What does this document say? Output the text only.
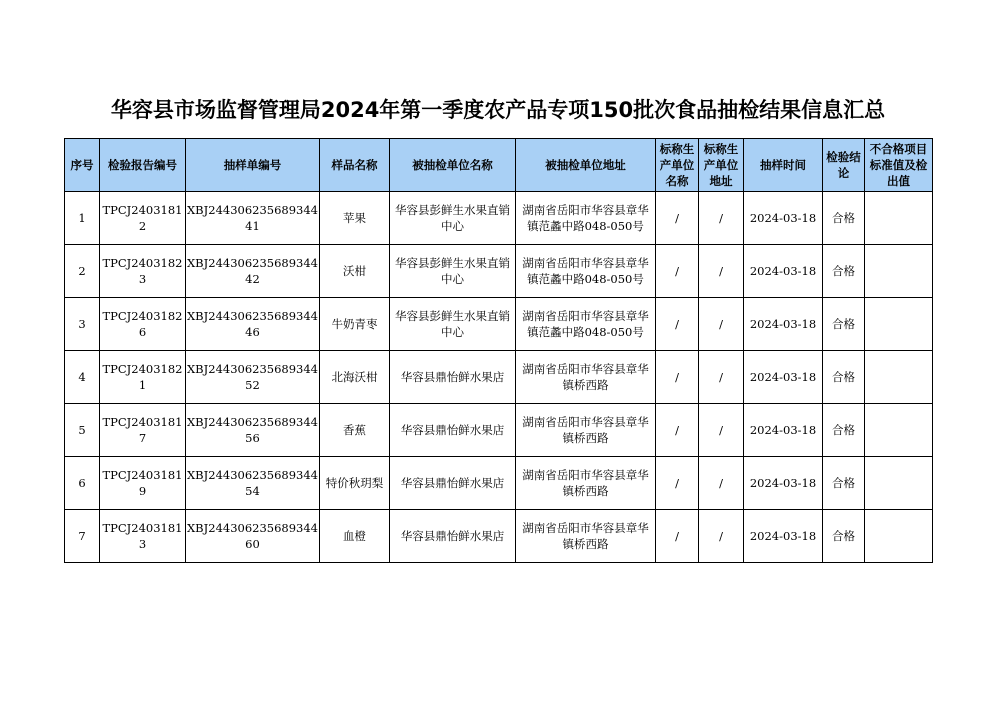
华容县市场监督管理局2024年第一季度农产品专项150批次食品抽检结果信息汇总
序号	检验报告编号	抽样单编号	样品名称	被抽检单位名称	被抽检单位地址	标称生产单位名称	标称生产单位地址	抽样时间	检验结论	不合格项目标准值及检出值
1	TPCJ24031812	XBJ24430623568934441	苹果	华容县彭鲜生水果直销中心	湖南省岳阳市华容县章华镇范蠡中路048-050号	/	/	2024-03-18	合格	
2	TPCJ24031823	XBJ24430623568934442	沃柑	华容县彭鲜生水果直销中心	湖南省岳阳市华容县章华镇范蠡中路048-050号	/	/	2024-03-18	合格	
3	TPCJ24031826	XBJ24430623568934446	牛奶青枣	华容县彭鲜生水果直销中心	湖南省岳阳市华容县章华镇范蠡中路048-050号	/	/	2024-03-18	合格	
4	TPCJ24031821	XBJ24430623568934452	北海沃柑	华容县鼎怡鲜水果店	湖南省岳阳市华容县章华镇桥西路	/	/	2024-03-18	合格	
5	TPCJ24031817	XBJ24430623568934456	香蕉	华容县鼎怡鲜水果店	湖南省岳阳市华容县章华镇桥西路	/	/	2024-03-18	合格	
6	TPCJ24031819	XBJ24430623568934454	特价秋玥梨	华容县鼎怡鲜水果店	湖南省岳阳市华容县章华镇桥西路	/	/	2024-03-18	合格	
7	TPCJ24031813	XBJ24430623568934460	血橙	华容县鼎怡鲜水果店	湖南省岳阳市华容县章华镇桥西路	/	/	2024-03-18	合格	
